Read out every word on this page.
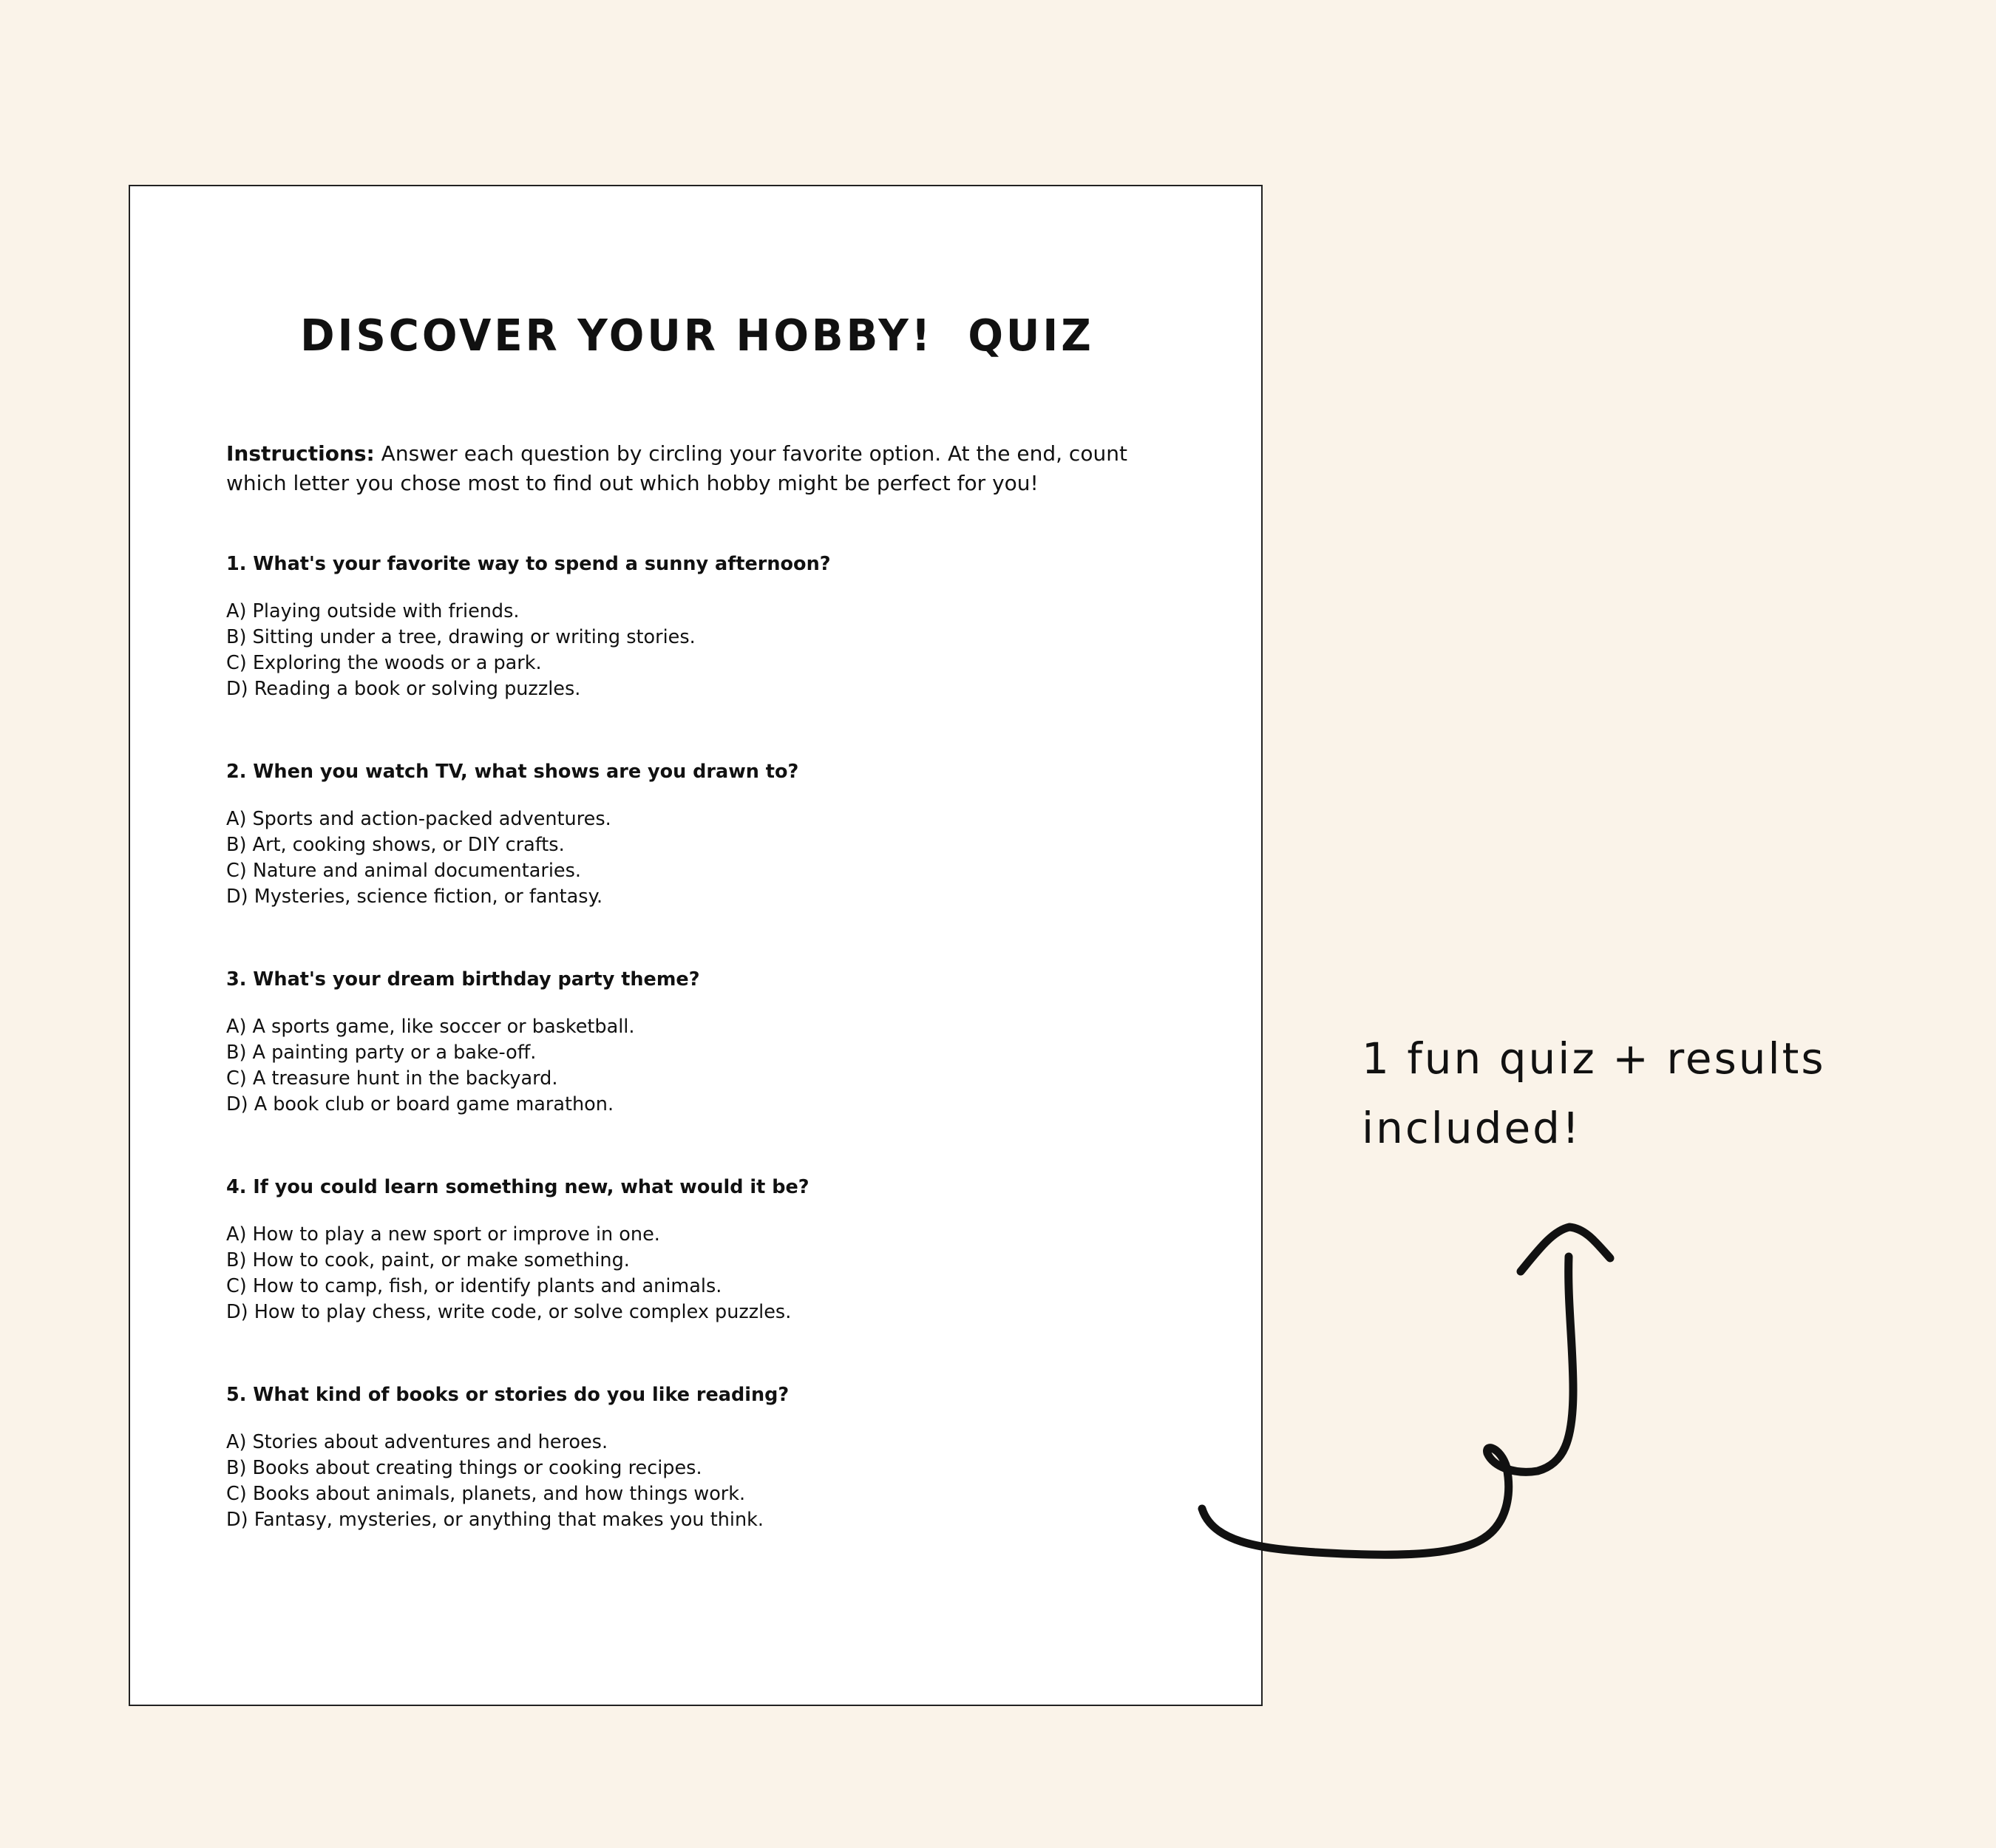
DISCOVER YOUR HOBBY!  QUIZ

Instructions: Answer each question by circling your favorite option. At the end, count which letter you chose most to find out which hobby might be perfect for you!

1. What's your favorite way to spend a sunny afternoon?

A) Playing outside with friends.

B) Sitting under a tree, drawing or writing stories.

C) Exploring the woods or a park.

D) Reading a book or solving puzzles.

2. When you watch TV, what shows are you drawn to?

A) Sports and action-packed adventures.

B) Art, cooking shows, or DIY crafts.

C) Nature and animal documentaries.

D) Mysteries, science fiction, or fantasy.

3. What's your dream birthday party theme?

A) A sports game, like soccer or basketball.

B) A painting party or a bake-off.

C) A treasure hunt in the backyard.

D) A book club or board game marathon.

4. If you could learn something new, what would it be?

A) How to play a new sport or improve in one.

B) How to cook, paint, or make something.

C) How to camp, fish, or identify plants and animals.

D) How to play chess, write code, or solve complex puzzles.

5. What kind of books or stories do you like reading?

A) Stories about adventures and heroes.

B) Books about creating things or cooking recipes.

C) Books about animals, planets, and how things work.

D) Fantasy, mysteries, or anything that makes you think.

1 fun quiz + results
included!
